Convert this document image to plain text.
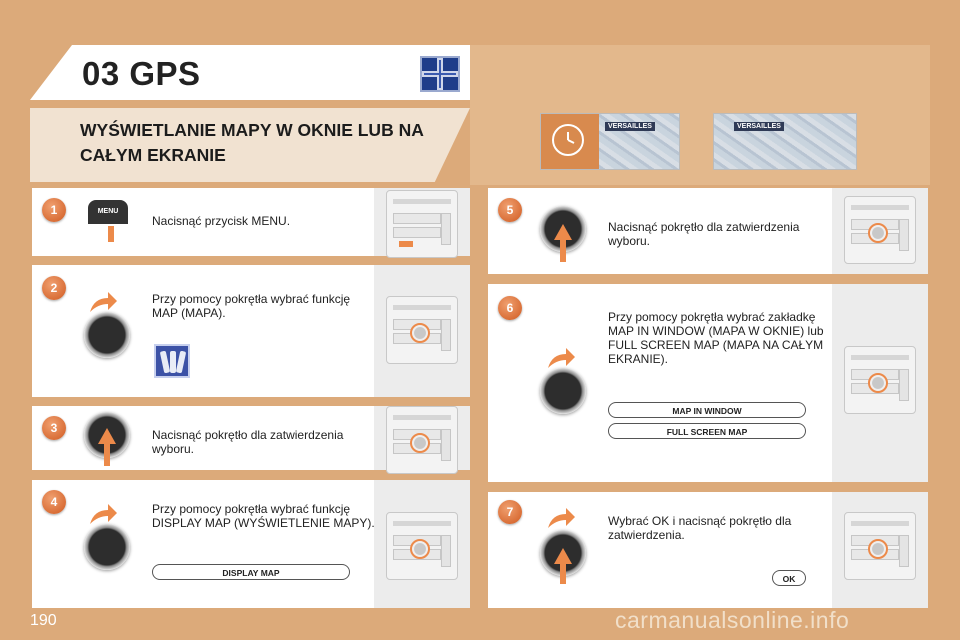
03 GPS
WYŚWIETLANIE MAPY W OKNIE LUB NA
CAŁYM EKRANIE
VERSAILLES	VERSAILLES
1	MENU
Nacisnąć przycisk MENU.
2
Przy pomocy pokrętła wybrać funkcję MAP (MAPA).
3	Nacisnąć pokrętło dla zatwierdzenia wyboru.
4	Przy pomocy pokrętła wybrać funkcję DISPLAY MAP (WYŚWIETLENIE MAPY).
DISPLAY MAP
5
Nacisnąć pokrętło dla zatwierdzenia wyboru.
6
Przy pomocy pokrętła wybrać zakładkę MAP IN WINDOW (MAPA W OKNIE) lub FULL SCREEN MAP (MAPA NA CAŁYM EKRANIE).
MAP IN WINDOW
FULL SCREEN MAP
7
Wybrać OK i nacisnąć pokrętło dla zatwierdzenia.
OK
190	carmanualsonline.info
